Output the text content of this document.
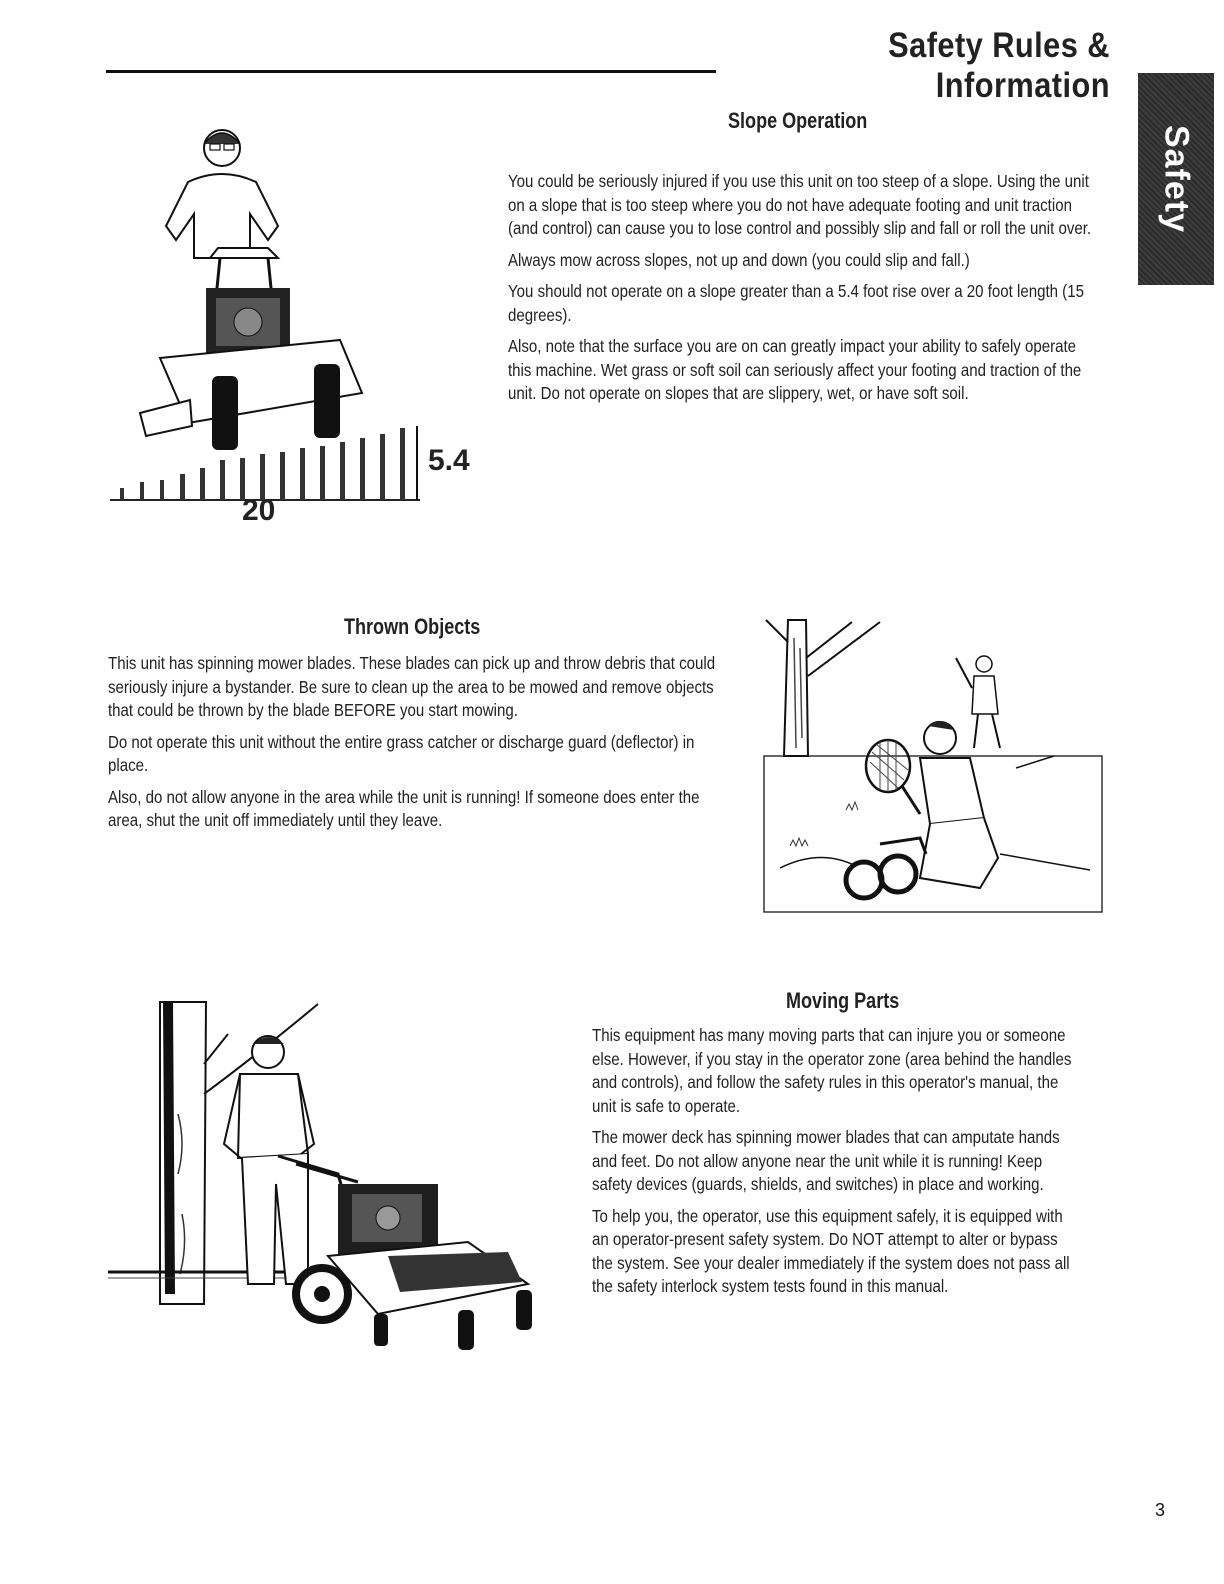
Safety Rules & Information
Safety
5.4
20
Slope Operation

You could be seriously injured if you use this unit on too steep of a slope. Using the unit on a slope that is too steep where you do not have adequate footing and unit traction (and control) can cause you to lose control and possibly slip and fall or roll the unit over.

Always mow across slopes, not up and down (you could slip and fall.)

You should not operate on a slope greater than a 5.4 foot rise over a 20 foot length (15 degrees).

Also, note that the surface you are on can greatly impact your ability to safely operate this machine. Wet grass or soft soil can seriously affect your footing and traction of the unit. Do not operate on slopes that are slippery, wet, or have soft soil.

Thrown Objects

This unit has spinning mower blades. These blades can pick up and throw debris that could seriously injure a bystander. Be sure to clean up the area to be mowed and remove objects that could be thrown by the blade BEFORE you start mowing.

Do not operate this unit without the entire grass catcher or discharge guard (deflector) in place.

Also, do not allow anyone in the area while the unit is running! If someone does enter the area, shut the unit off immediately until they leave.

Moving Parts

This equipment has many moving parts that can injure you or someone else. However, if you stay in the operator zone (area behind the handles and controls), and follow the safety rules in this operator's manual, the unit is safe to operate.

The mower deck has spinning mower blades that can amputate hands and feet. Do not allow anyone near the unit while it is running! Keep safety devices (guards, shields, and switches) in place and working.

To help you, the operator, use this equipment safely, it is equipped with an operator-present safety system. Do NOT attempt to alter or bypass the system. See your dealer immediately if the system does not pass all the safety interlock system tests found in this manual.

3
